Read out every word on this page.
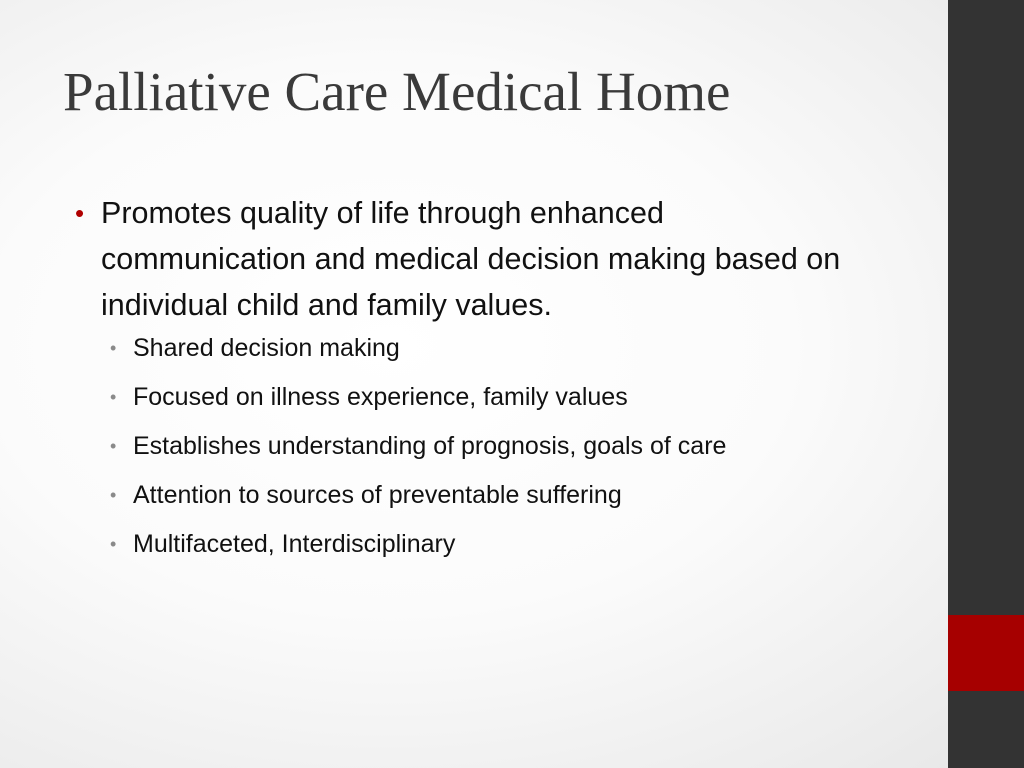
Palliative Care Medical Home
• Promotes quality of life through enhanced communication and medical decision making based on individual child and family values.
• Shared decision making
• Focused on illness experience, family values
• Establishes understanding of prognosis, goals of care
• Attention to sources of preventable suffering
• Multifaceted, Interdisciplinary
